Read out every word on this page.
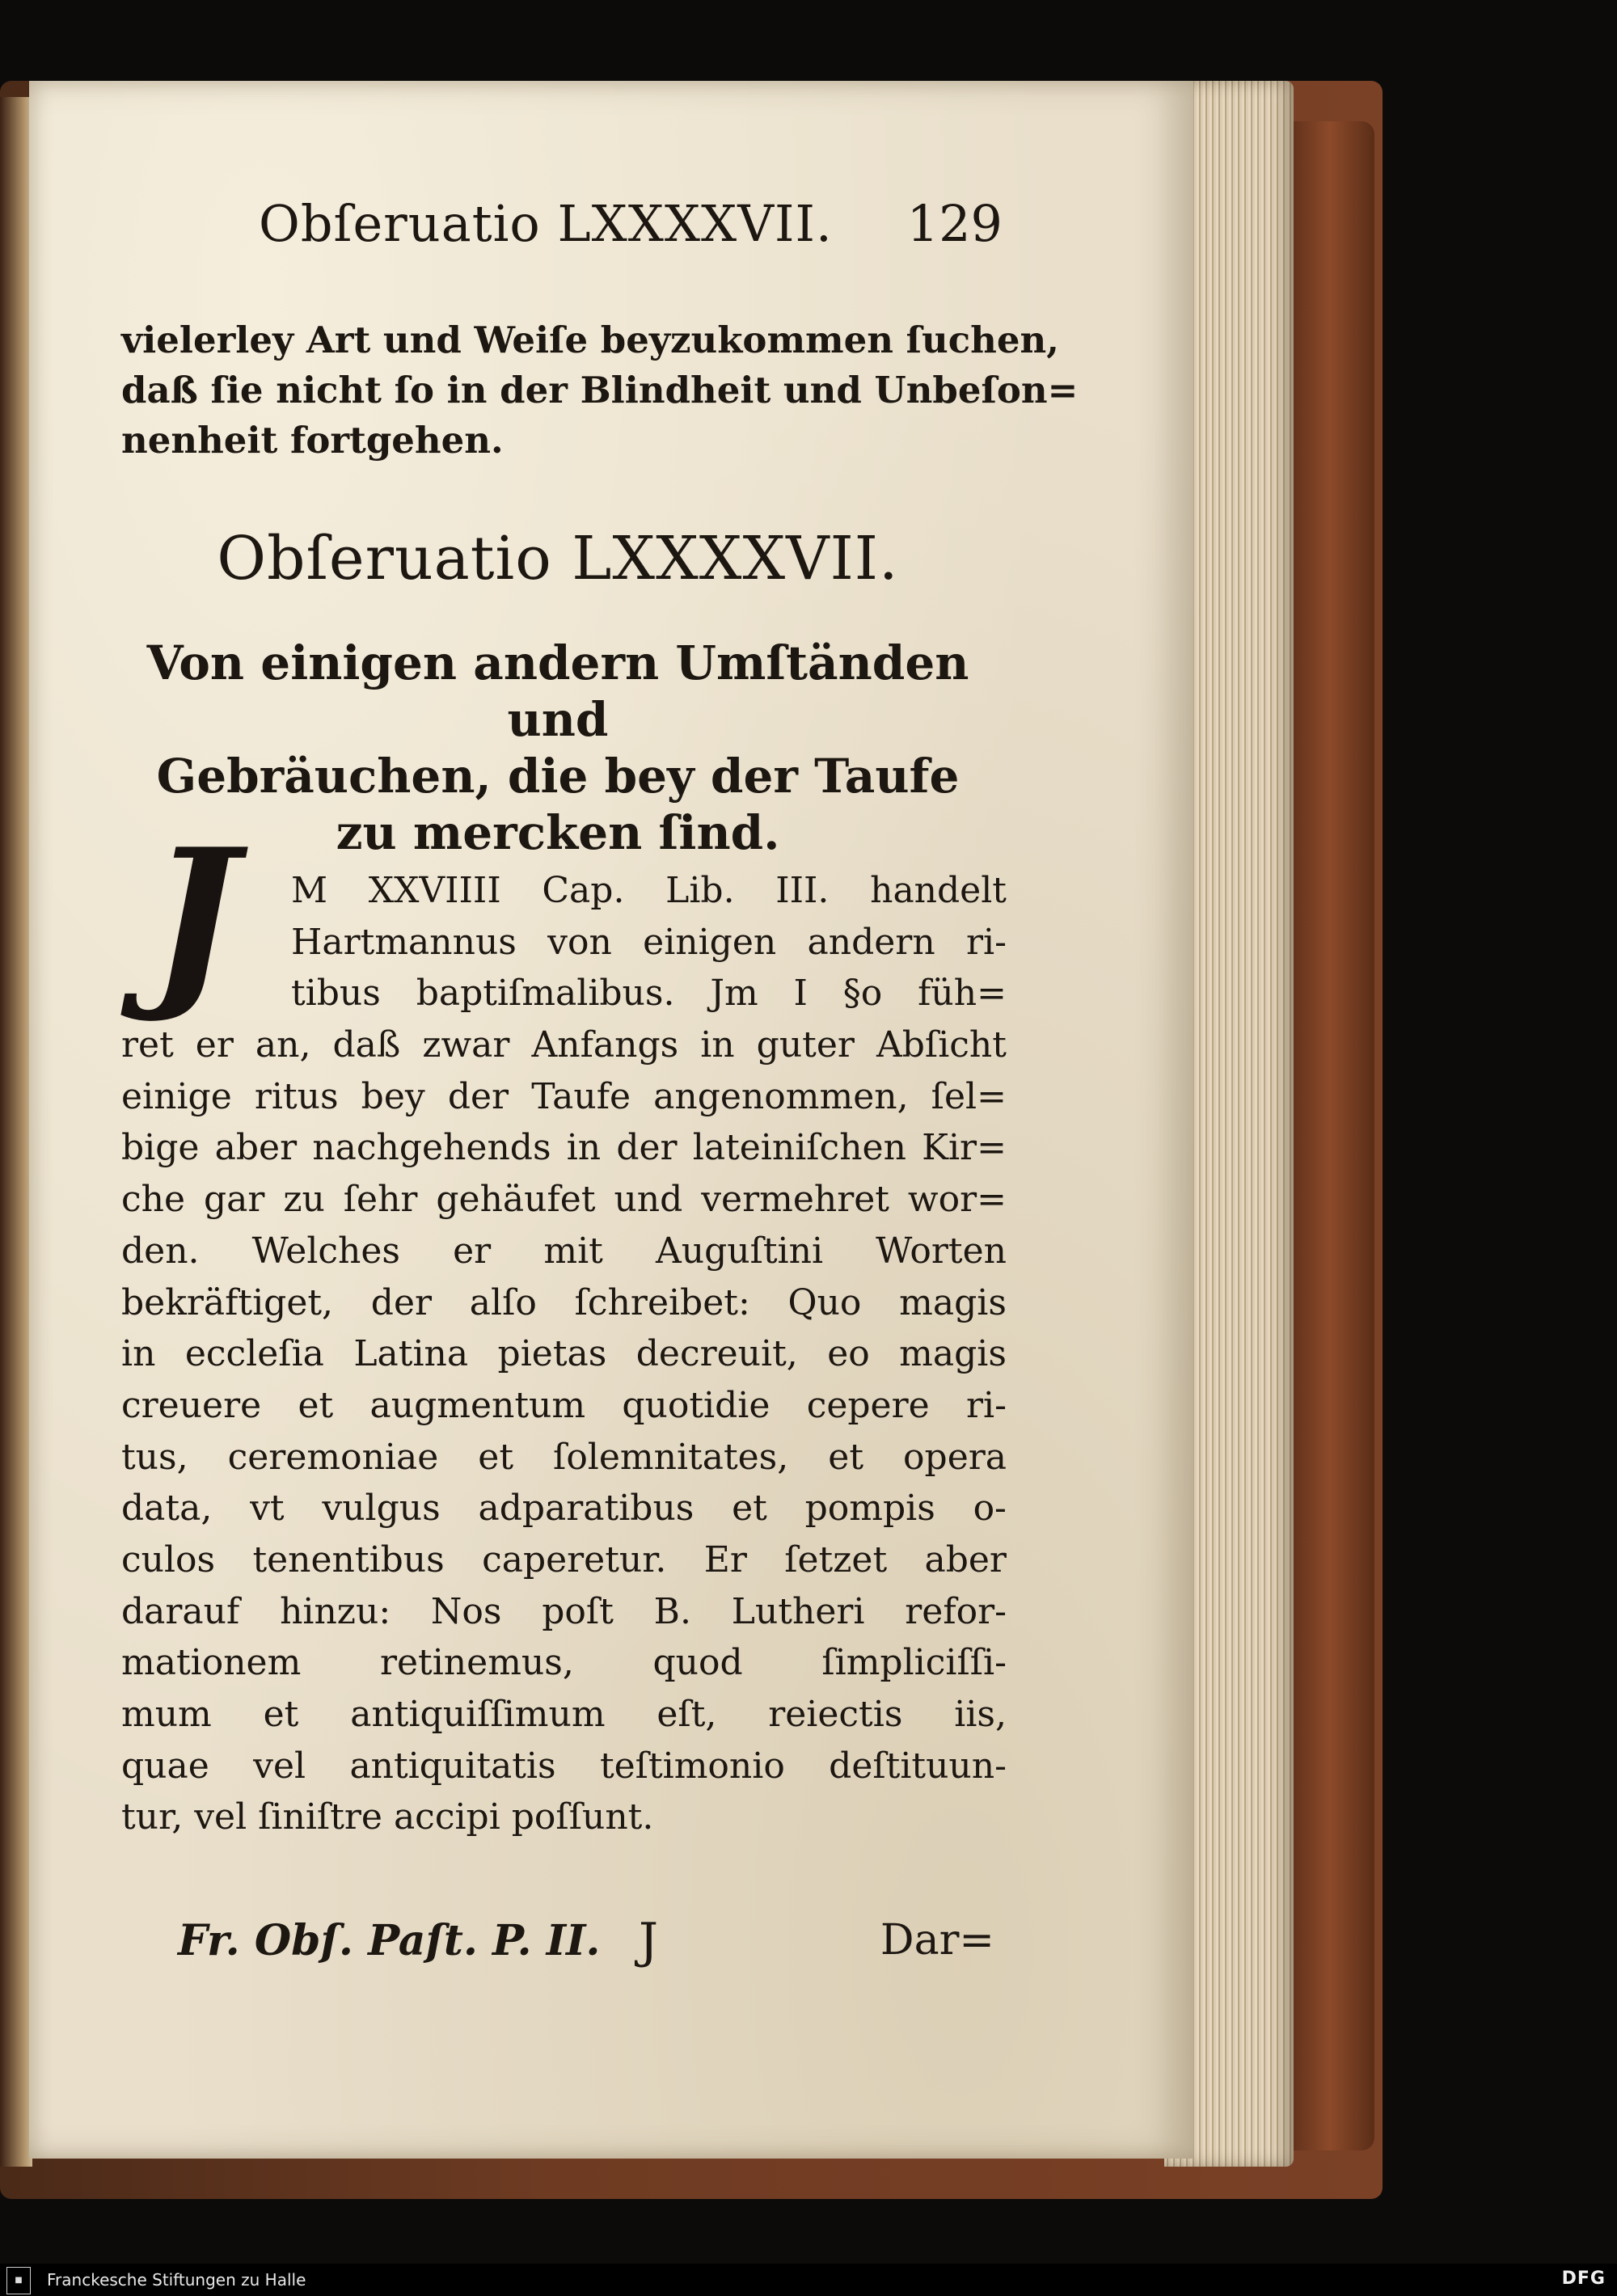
Obſeruatio LXXXXVII. 129
vielerley Art und Weiſe beyzukommen ſuchen,
daß ſie nicht ſo in der Blindheit und Unbeſon=
nenheit fortgehen.
Obſeruatio LXXXXVII.
Von einigen andern Umſtänden und
Gebräuchen, die bey der Taufe
zu mercken ſind.
J	M XXVIIII Cap. Lib. III. handelt
Hartmannus von einigen andern ri-
tibus baptiſmalibus. Jm I §o füh=
ret er an, daß zwar Anfangs in guter Abſicht
einige ritus bey der Taufe angenommen, ſel=
bige aber nachgehends in der lateiniſchen Kir=
che gar zu ſehr gehäufet und vermehret wor=
den. Welches er mit Auguſtini Worten
bekräftiget, der alſo ſchreibet: Quo magis
in eccleſia Latina pietas decreuit, eo magis
creuere et augmentum quotidie cepere ri-
tus, ceremoniae et ſolemnitates, et opera
data, vt vulgus adparatibus et pompis o-
culos tenentibus caperetur. Er ſetzet aber
darauf hinzu: Nos poſt B. Lutheri refor-
mationem retinemus, quod ſimpliciſſi-
mum et antiquiſſimum eſt, reiectis iis,
quae vel antiquitatis teſtimonio deſtituun-
tur, vel ſiniſtre accipi poſſunt.
Fr. Obſ. Paſt. P. II. J	Dar=
■	Franckesche Stiftungen zu Halle	DFG
